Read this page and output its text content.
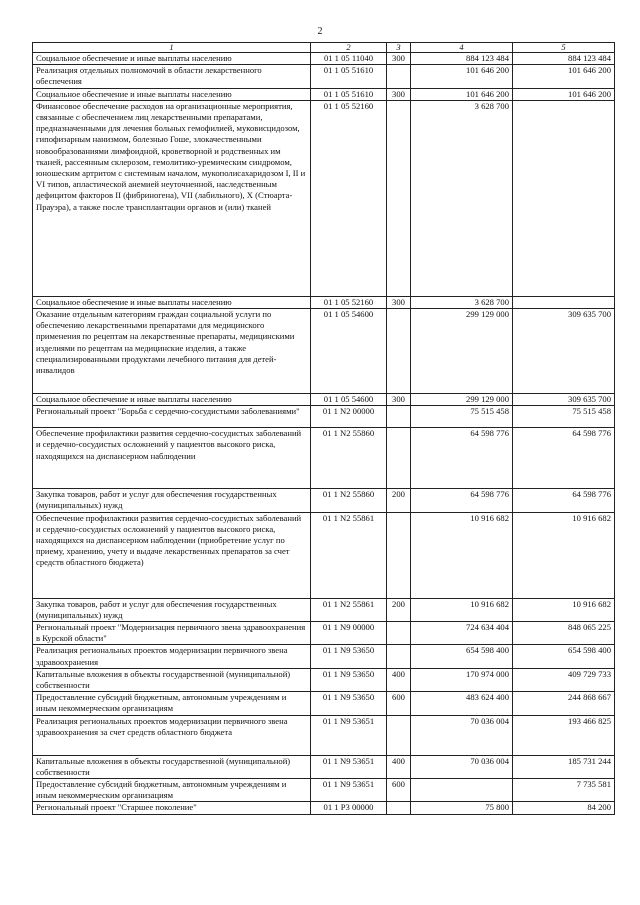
2
1	2	3	4	5
Социальное обеспечение и иные выплаты населению	01 1 05 11040	300	884 123 484	884 123 484
Реализация отдельных полномочий в области лекарственного обеспечения	01 1 05 51610		101 646 200	101 646 200
Социальное обеспечение и иные выплаты населению	01 1 05 51610	300	101 646 200	101 646 200
Финансовое обеспечение расходов на организационные мероприятия, связанные с обеспечением лиц лекарственными препаратами, предназначенными для лечения больных гемофилией, муковисцидозом, гипофизарным нанизмом, болезнью Гоше, злокачественными новообразованиями лимфоидной, кроветворной и родственных им тканей, рассеянным склерозом, гемолитико-уремическим синдромом, юношеским артритом с системным началом, мукополисахаридозом I, II и VI типов, апластической анемией неуточненной, наследственным дефицитом факторов II (фибриногена), VII (лабильного), X (Стюарта-Прауэра), а также после трансплантации органов и (или) тканей	01 1 05 52160		3 628 700	
Социальное обеспечение и иные выплаты населению	01 1 05 52160	300	3 628 700	
Оказание отдельным категориям граждан социальной услуги по обеспечению лекарственными препаратами для медицинского применения по рецептам на лекарственные препараты, медицинскими изделиями по рецептам на медицинские изделия, а также специализированными продуктами лечебного питания для детей-инвалидов	01 1 05 54600		299 129 000	309 635 700
Социальное обеспечение и иные выплаты населению	01 1 05 54600	300	299 129 000	309 635 700
Региональный проект "Борьба с сердечно-сосудистыми заболеваниями"	01 1 N2 00000		75 515 458	75 515 458
Обеспечение профилактики развития сердечно-сосудистых заболеваний и сердечно-сосудистых осложнений у пациентов высокого риска, находящихся на диспансерном наблюдении	01 1 N2 55860		64 598 776	64 598 776
Закупка товаров, работ и услуг для обеспечения государственных (муниципальных) нужд	01 1 N2 55860	200	64 598 776	64 598 776
Обеспечение профилактики развития сердечно-сосудистых заболеваний и сердечно-сосудистых осложнений у пациентов высокого риска, находящихся на диспансерном наблюдении (приобретение услуг по приему, хранению, учету и выдаче лекарственных препаратов за счет средств областного бюджета)	01 1 N2 55861		10 916 682	10 916 682
Закупка товаров, работ и услуг для обеспечения государственных (муниципальных) нужд	01 1 N2 55861	200	10 916 682	10 916 682
Региональный проект "Модернизация первичного звена здравоохранения в Курской области"	01 1 N9 00000		724 634 404	848 065 225
Реализация региональных проектов модернизации первичного звена здравоохранения	01 1 N9 53650		654 598 400	654 598 400
Капитальные вложения в объекты государственной (муниципальной) собственности	01 1 N9 53650	400	170 974 000	409 729 733
Предоставление субсидий бюджетным, автономным учреждениям и иным некоммерческим организациям	01 1 N9 53650	600	483 624 400	244 868 667
Реализация региональных проектов модернизации первичного звена здравоохранения за счет средств областного бюджета	01 1 N9 53651		70 036 004	193 466 825
Капитальные вложения в объекты государственной (муниципальной) собственности	01 1 N9 53651	400	70 036 004	185 731 244
Предоставление субсидий бюджетным, автономным учреждениям и иным некоммерческим организациям	01 1 N9 53651	600		7 735 581
Региональный проект "Старшее поколение"	01 1 P3 00000		75 800	84 200
